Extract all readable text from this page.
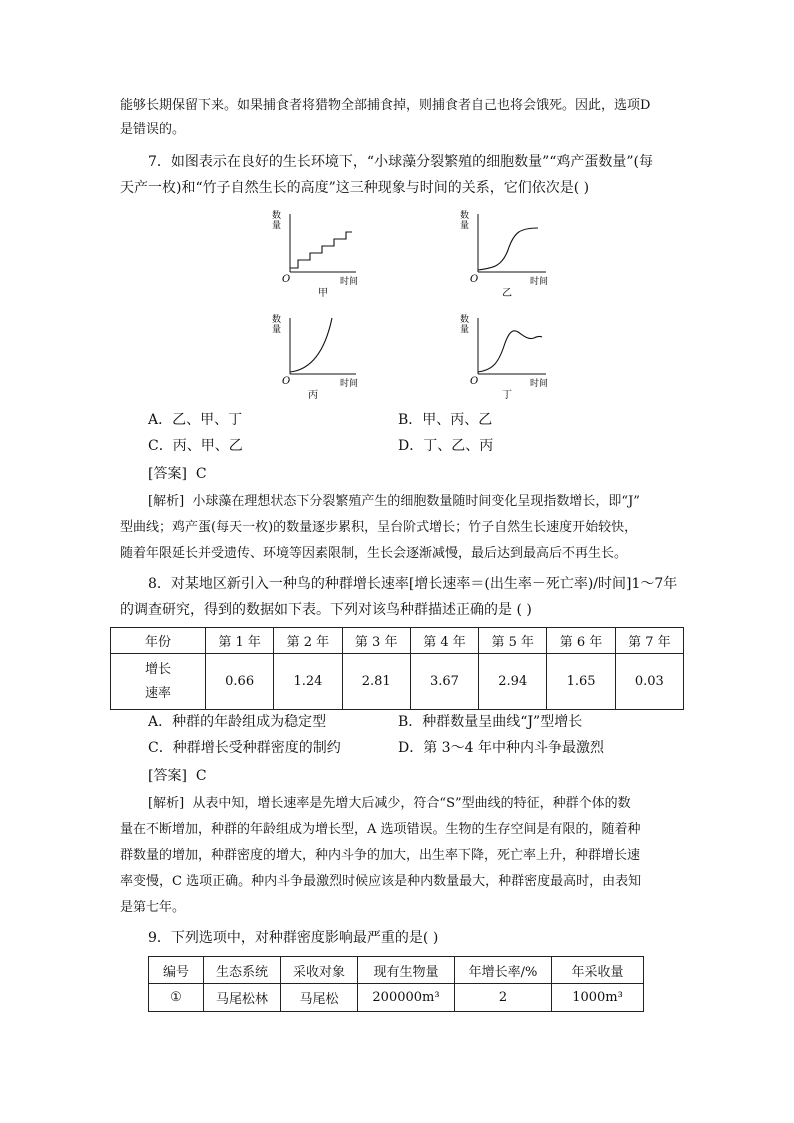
能够长期保留下来。如果捕食者将猎物全部捕食掉，则捕食者自己也将会饿死。因此，选项D
是错误的。
7．如图表示在良好的生长环境下，“小球藻分裂繁殖的细胞数量”“鸡产蛋数量”(每
天产一枚)和“竹子自然生长的高度”这三种现象与时间的关系，它们依次是( )
数
量
O	时间
甲
数
量
O	时间
乙
数
量
O	时间
丙
数
量
O	时间
丁
A．乙、甲、丁	B．甲、丙、乙
C．丙、甲、乙	D．丁、乙、丙
[答案] C
[解析] 小球藻在理想状态下分裂繁殖产生的细胞数量随时间变化呈现指数增长，即“J”
型曲线；鸡产蛋(每天一枚)的数量逐步累积，呈台阶式增长；竹子自然生长速度开始较快，
随着年限延长并受遗传、环境等因素限制，生长会逐渐减慢，最后达到最高后不再生长。
8．对某地区新引入一种鸟的种群增长速率[增长速率＝(出生率－死亡率)/时间]1～7年
的调查研究，得到的数据如下表。下列对该鸟种群描述正确的是 ( )
年份	第 1 年	第 2 年	第 3 年	第 4 年	第 5 年	第 6 年	第 7 年

增长
速率	0.66	1.24	2.81	3.67	2.94	1.65	0.03
A．种群的年龄组成为稳定型	B．种群数量呈曲线“J”型增长
C．种群增长受种群密度的制约	D．第 3～4 年中种内斗争最激烈
[答案] C
[解析] 从表中知，增长速率是先增大后减少，符合“S”型曲线的特征，种群个体的数
量在不断增加，种群的年龄组成为增长型，A 选项错误。生物的生存空间是有限的，随着种
群数量的增加，种群密度的增大，种内斗争的加大，出生率下降，死亡率上升，种群增长速
率变慢，C 选项正确。种内斗争最激烈时候应该是种内数量最大，种群密度最高时，由表知
是第七年。
9．下列选项中，对种群密度影响最严重的是( )
编号	生态系统	采收对象	现有生物量	年增长率/%	年采收量
①	马尾松林	马尾松	200000m³	2	1000m³
